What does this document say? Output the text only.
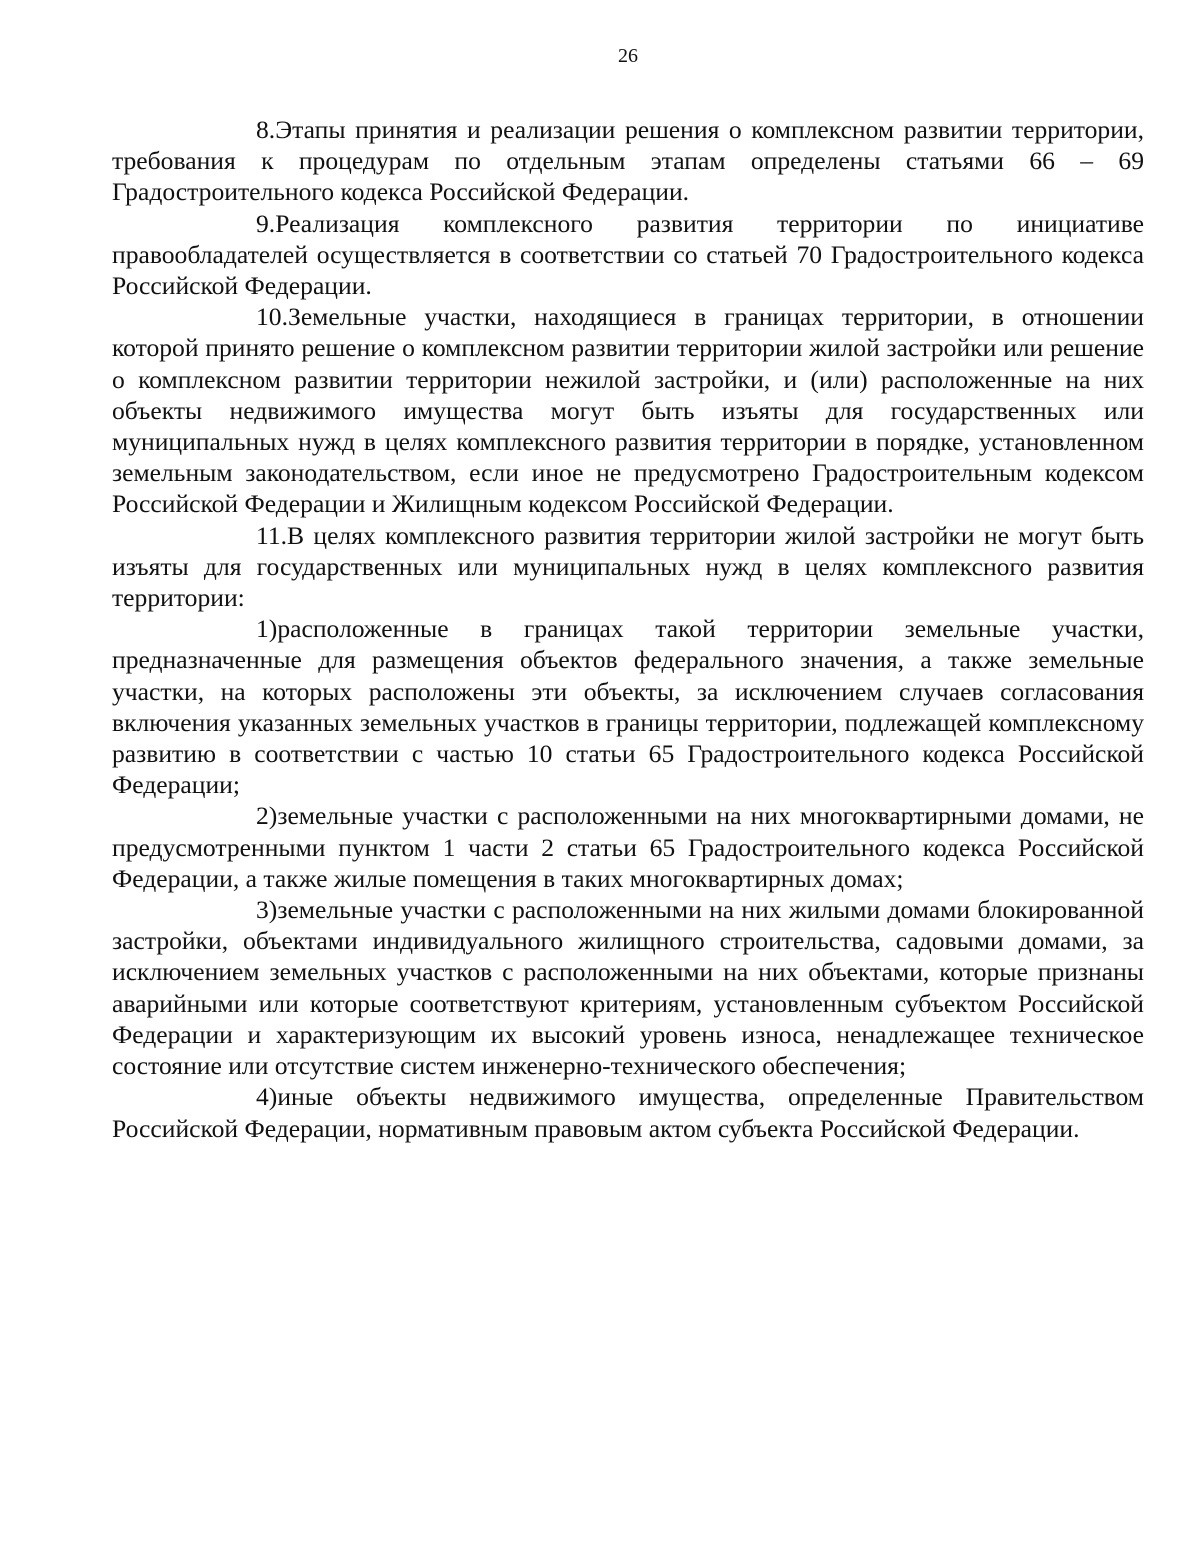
26

8.Этапы принятия и реализации решения о комплексном развитии территории, требования к процедурам по отдельным этапам определены статьями 66 – 69 Градостроительного кодекса Российской Федерации.

9.Реализация комплексного развития территории по инициативе правообладателей осуществляется в соответствии со статьей 70 Градостроительного кодекса Российской Федерации.

10.Земельные участки, находящиеся в границах территории, в отношении которой принято решение о комплексном развитии территории жилой застройки или решение о комплексном развитии территории нежилой застройки, и (или) расположенные на них объекты недвижимого имущества могут быть изъяты для государственных или муниципальных нужд в целях комплексного развития территории в порядке, установленном земельным законодательством, если иное не предусмотрено Градостроительным кодексом Российской Федерации и Жилищным кодексом Российской Федерации.

11.В целях комплексного развития территории жилой застройки не могут быть изъяты для государственных или муниципальных нужд в целях комплексного развития территории:

1)расположенные в границах такой территории земельные участки, предназначенные для размещения объектов федерального значения, а также земельные участки, на которых расположены эти объекты, за исключением случаев согласования включения указанных земельных участков в границы территории, подлежащей комплексному развитию в соответствии с частью 10 статьи 65 Градостроительного кодекса Российской Федерации;

2)земельные участки с расположенными на них многоквартирными домами, не предусмотренными пунктом 1 части 2 статьи 65 Градостроительного кодекса Российской Федерации, а также жилые помещения в таких многоквартирных домах;

3)земельные участки с расположенными на них жилыми домами блокированной застройки, объектами индивидуального жилищного строительства, садовыми домами, за исключением земельных участков с расположенными на них объектами, которые признаны аварийными или которые соответствуют критериям, установленным субъектом Российской Федерации и характеризующим их высокий уровень износа, ненадлежащее техническое состояние или отсутствие систем инженерно-технического обеспечения;

4)иные объекты недвижимого имущества, определенные Правительством Российской Федерации, нормативным правовым актом субъекта Российской Федерации.
